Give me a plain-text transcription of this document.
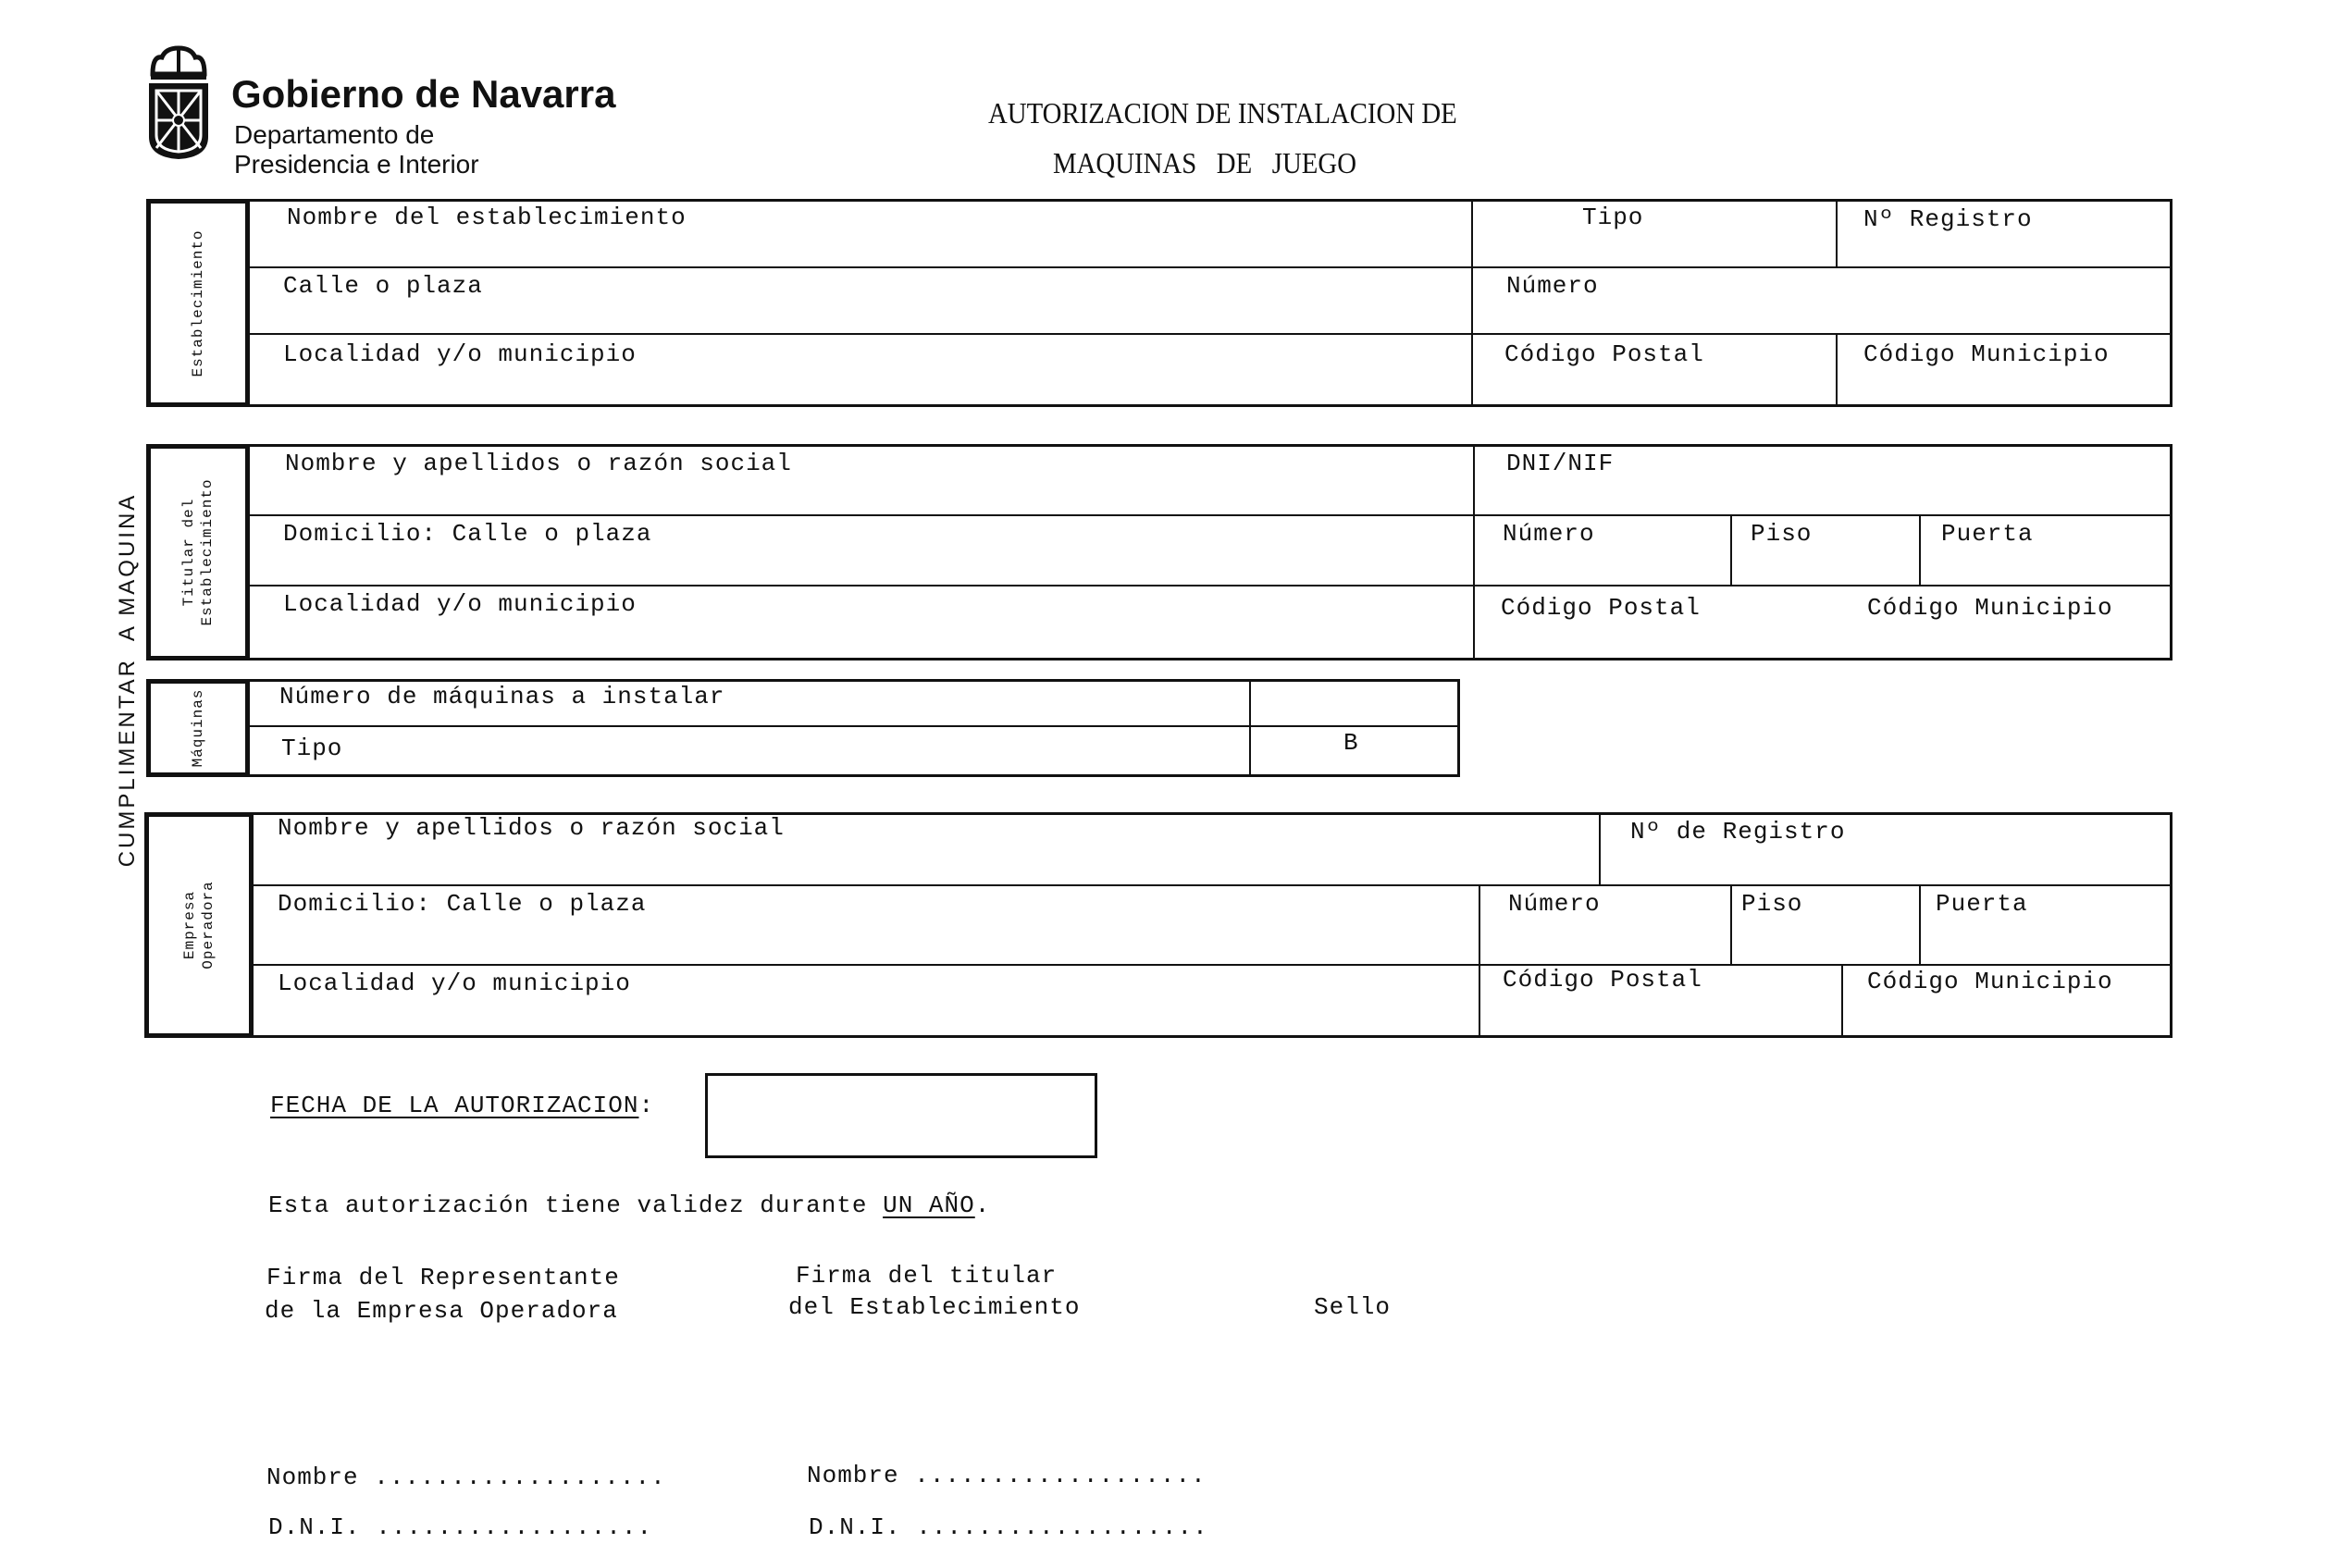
Gobierno de Navarra
Departamento de
Presidencia e Interior
AUTORIZACION DE INSTALACION DE
MAQUINAS   DE   JUEGO
CUMPLIMENTAR  A MAQUINA
Establecimiento
Nombre del establecimiento	Tipo	Nº Registro
Calle o plaza	Número
Localidad y/o municipio	Código Postal	Código Municipio
Titular del Establecimiento
Nombre y apellidos o razón social	DNI/NIF
Domicilio: Calle o plaza	Número	Piso	Puerta
Localidad y/o municipio	Código Postal	Código Municipio
Máquinas	Número de máquinas a instalar
Tipo	B
Empresa Operadora
Nombre y apellidos o razón social	Nº de Registro
Domicilio: Calle o plaza	Número	Piso	Puerta
Localidad y/o municipio	Código Postal	Código Municipio
FECHA DE LA AUTORIZACION:
Esta autorización tiene validez durante UN AÑO.
Firma del Representante
de la Empresa Operadora
Firma del titular
del Establecimiento	Sello
Nombre ...................
D.N.I. ..................
Nombre ...................
D.N.I. ...................
